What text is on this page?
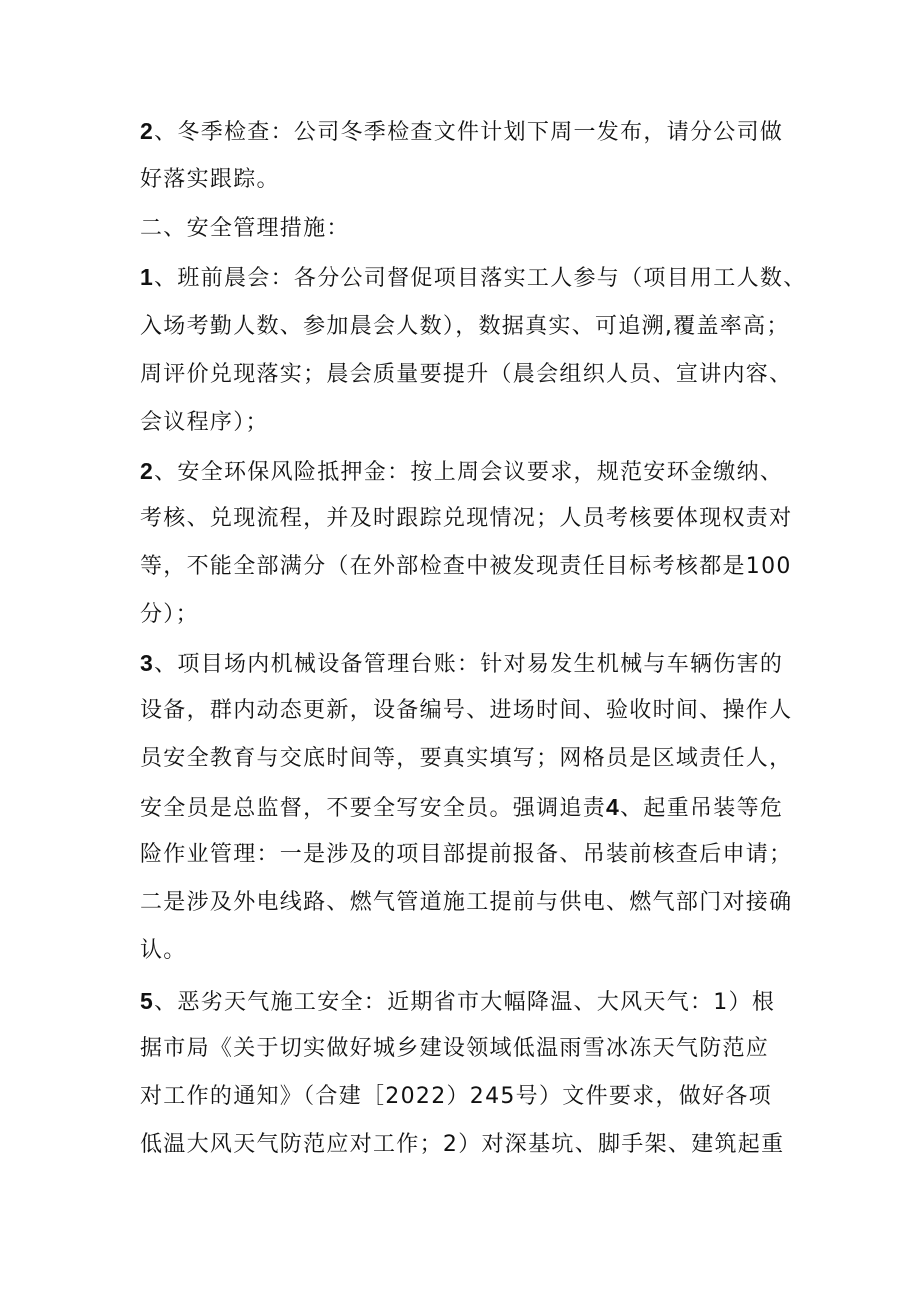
2、冬季检查：公司冬季检查文件计划下周一发布，请分公司做
好落实跟踪。
二、安全管理措施：
1、班前晨会：各分公司督促项目落实工人参与（项目用工人数、
入场考勤人数、参加晨会人数），数据真实、可追溯,覆盖率高；
周评价兑现落实；晨会质量要提升（晨会组织人员、宣讲内容、
会议程序）；
2、安全环保风险抵押金：按上周会议要求，规范安环金缴纳、
考核、兑现流程，并及时跟踪兑现情况；人员考核要体现权责对
等，不能全部满分（在外部检查中被发现责任目标考核都是100
分）；
3、项目场内机械设备管理台账：针对易发生机械与车辆伤害的
设备，群内动态更新，设备编号、进场时间、验收时间、操作人
员安全教育与交底时间等，要真实填写；网格员是区域责任人，
安全员是总监督，不要全写安全员。强调追责4、起重吊装等危
险作业管理：一是涉及的项目部提前报备、吊装前核查后申请；
二是涉及外电线路、燃气管道施工提前与供电、燃气部门对接确
认。
5、恶劣天气施工安全：近期省市大幅降温、大风天气：1）根
据市局《关于切实做好城乡建设领域低温雨雪冰冻天气防范应
对工作的通知》（合建［2022）245号）文件要求，做好各项
低温大风天气防范应对工作；2）对深基坑、脚手架、建筑起重
